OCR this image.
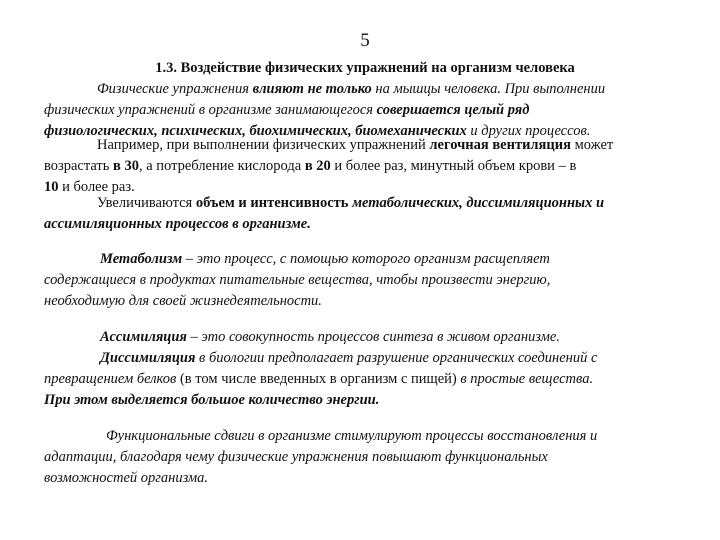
5
1.3. Воздействие физических упражнений на организм человека
Физические упражнения влияют не только на мышцы человека. При выполнении
физических упражнений в организме занимающегося совершается целый ряд
физиологических, психических, биохимических, биомеханических и других процессов.
Например, при выполнении физических упражнений легочная вентиляция может
возрастать в 30, а потребление кислорода в 20 и более раз, минутный объем крови – в
10 и более раз.
Увеличиваются объем и интенсивность метаболических, диссимиляционных и
ассимиляционных процессов в организме.
Метаболизм – это процесс, с помощью которого организм расщепляет
содержащиеся в продуктах питательные вещества, чтобы произвести энергию,
необходимую для своей жизнедеятельности.
Ассимиляция – это совокупность процессов синтеза в живом организме.
Диссимиляция в биологии предполагает разрушение органических соединений с
превращением белков (в том числе введенных в организм с пищей) в простые вещества.
При этом выделяется большое количество энергии.
Функциональные сдвиги в организме стимулируют процессы восстановления и
адаптации, благодаря чему физические упражнения повышают функциональных
возможностей организма.
